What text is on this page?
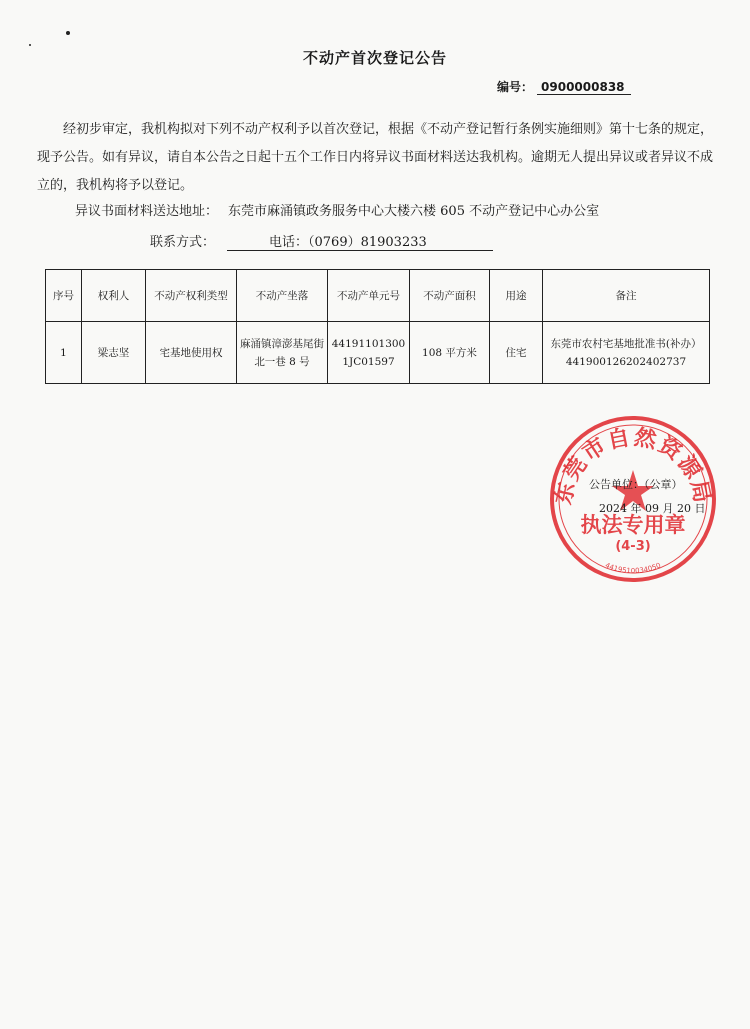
不动产首次登记公告
编号： 0900000838
经初步审定，我机构拟对下列不动产权利予以首次登记，根据《不动产登记暂行条例实施细则》第十七条的规定，现予公告。如有异议，请自本公告之日起十五个工作日内将异议书面材料送达我机构。逾期无人提出异议或者异议不成立的，我机构将予以登记。
异议书面材料送达地址： 东莞市麻涌镇政务服务中心大楼六楼 605 不动产登记中心办公室
联系方式：	电话：（0769）81903233
序号	权利人	不动产权利类型	不动产坐落	不动产单元号	不动产面积	用途	备注
1	梁志坚	宅基地使用权	麻涌镇漳澎基尾街北一巷 8 号	441911013001JC01597	108 平方米	住宅	东莞市农村宅基地批准书(补办）441900126202402737
东莞市自然资源局
执法专用章
(4-3)
4419510034050
公告单位：（公章）
2024 年 09 月 20 日
